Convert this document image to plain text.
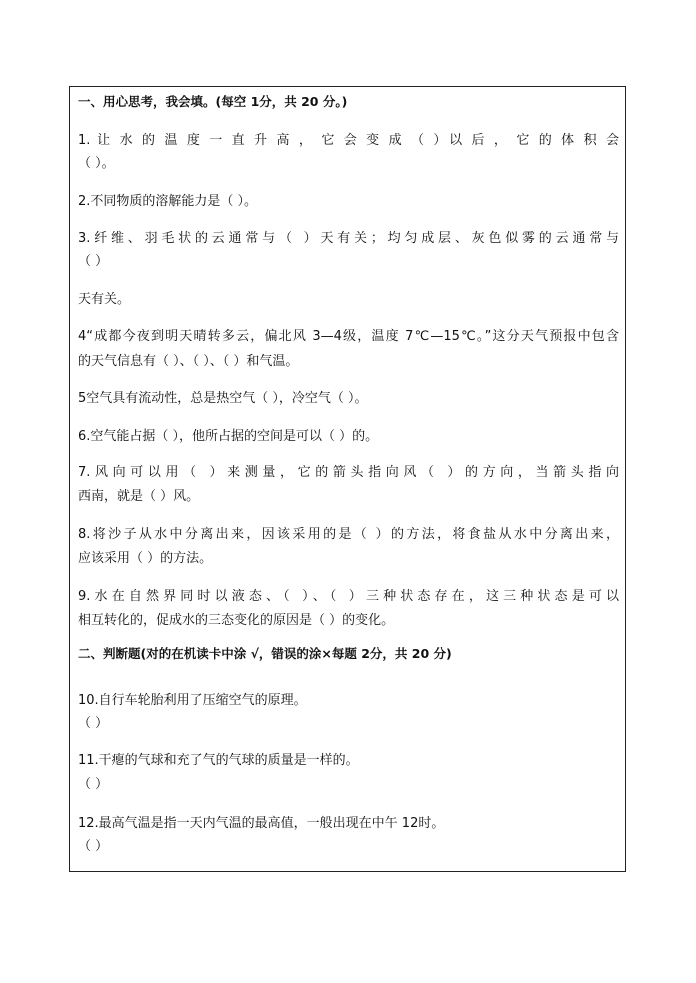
一、用心思考，我会填。(每空 1分，共 20 分。)
1. 让 水 的 温 度 一 直 升 高 ， 它 会 变 成 （ ）以 后 ， 它 的 体 积 会
（ ）。
2.不同物质的溶解能力是（ ）。
3.纤维、羽毛状的云通常与（ ）天有关；均匀成层、灰色似雾的云通常与
（ ）
天有关。
4“成都今夜到明天晴转多云，偏北风 3—4级，温度 7℃—15℃。”这分天气预报中包含
的天气信息有（ ）、（ ）、（ ）和气温。
5空气具有流动性，总是热空气（ ），冷空气（ ）。
6.空气能占据（ ），他所占据的空间是可以（ ）的。
7.风向可以用（ ）来测量，它的箭头指向风（ ）的方向，当箭头指向
西南，就是（ ）风。
8.将沙子从水中分离出来，因该采用的是（ ）的方法，将食盐从水中分离出来，
应该采用（ ）的方法。
9.水在自然界同时以液态、（ ）、（ ）三种状态存在，这三种状态是可以
相互转化的，促成水的三态变化的原因是（ ）的变化。
二、判断题(对的在机读卡中涂 √，错误的涂×每题 2分，共 20 分)
10.自行车轮胎利用了压缩空气的原理。
（ ）
11.干瘪的气球和充了气的气球的质量是一样的。
（ ）
12.最高气温是指一天内气温的最高值，一般出现在中午 12时。
（ ）
